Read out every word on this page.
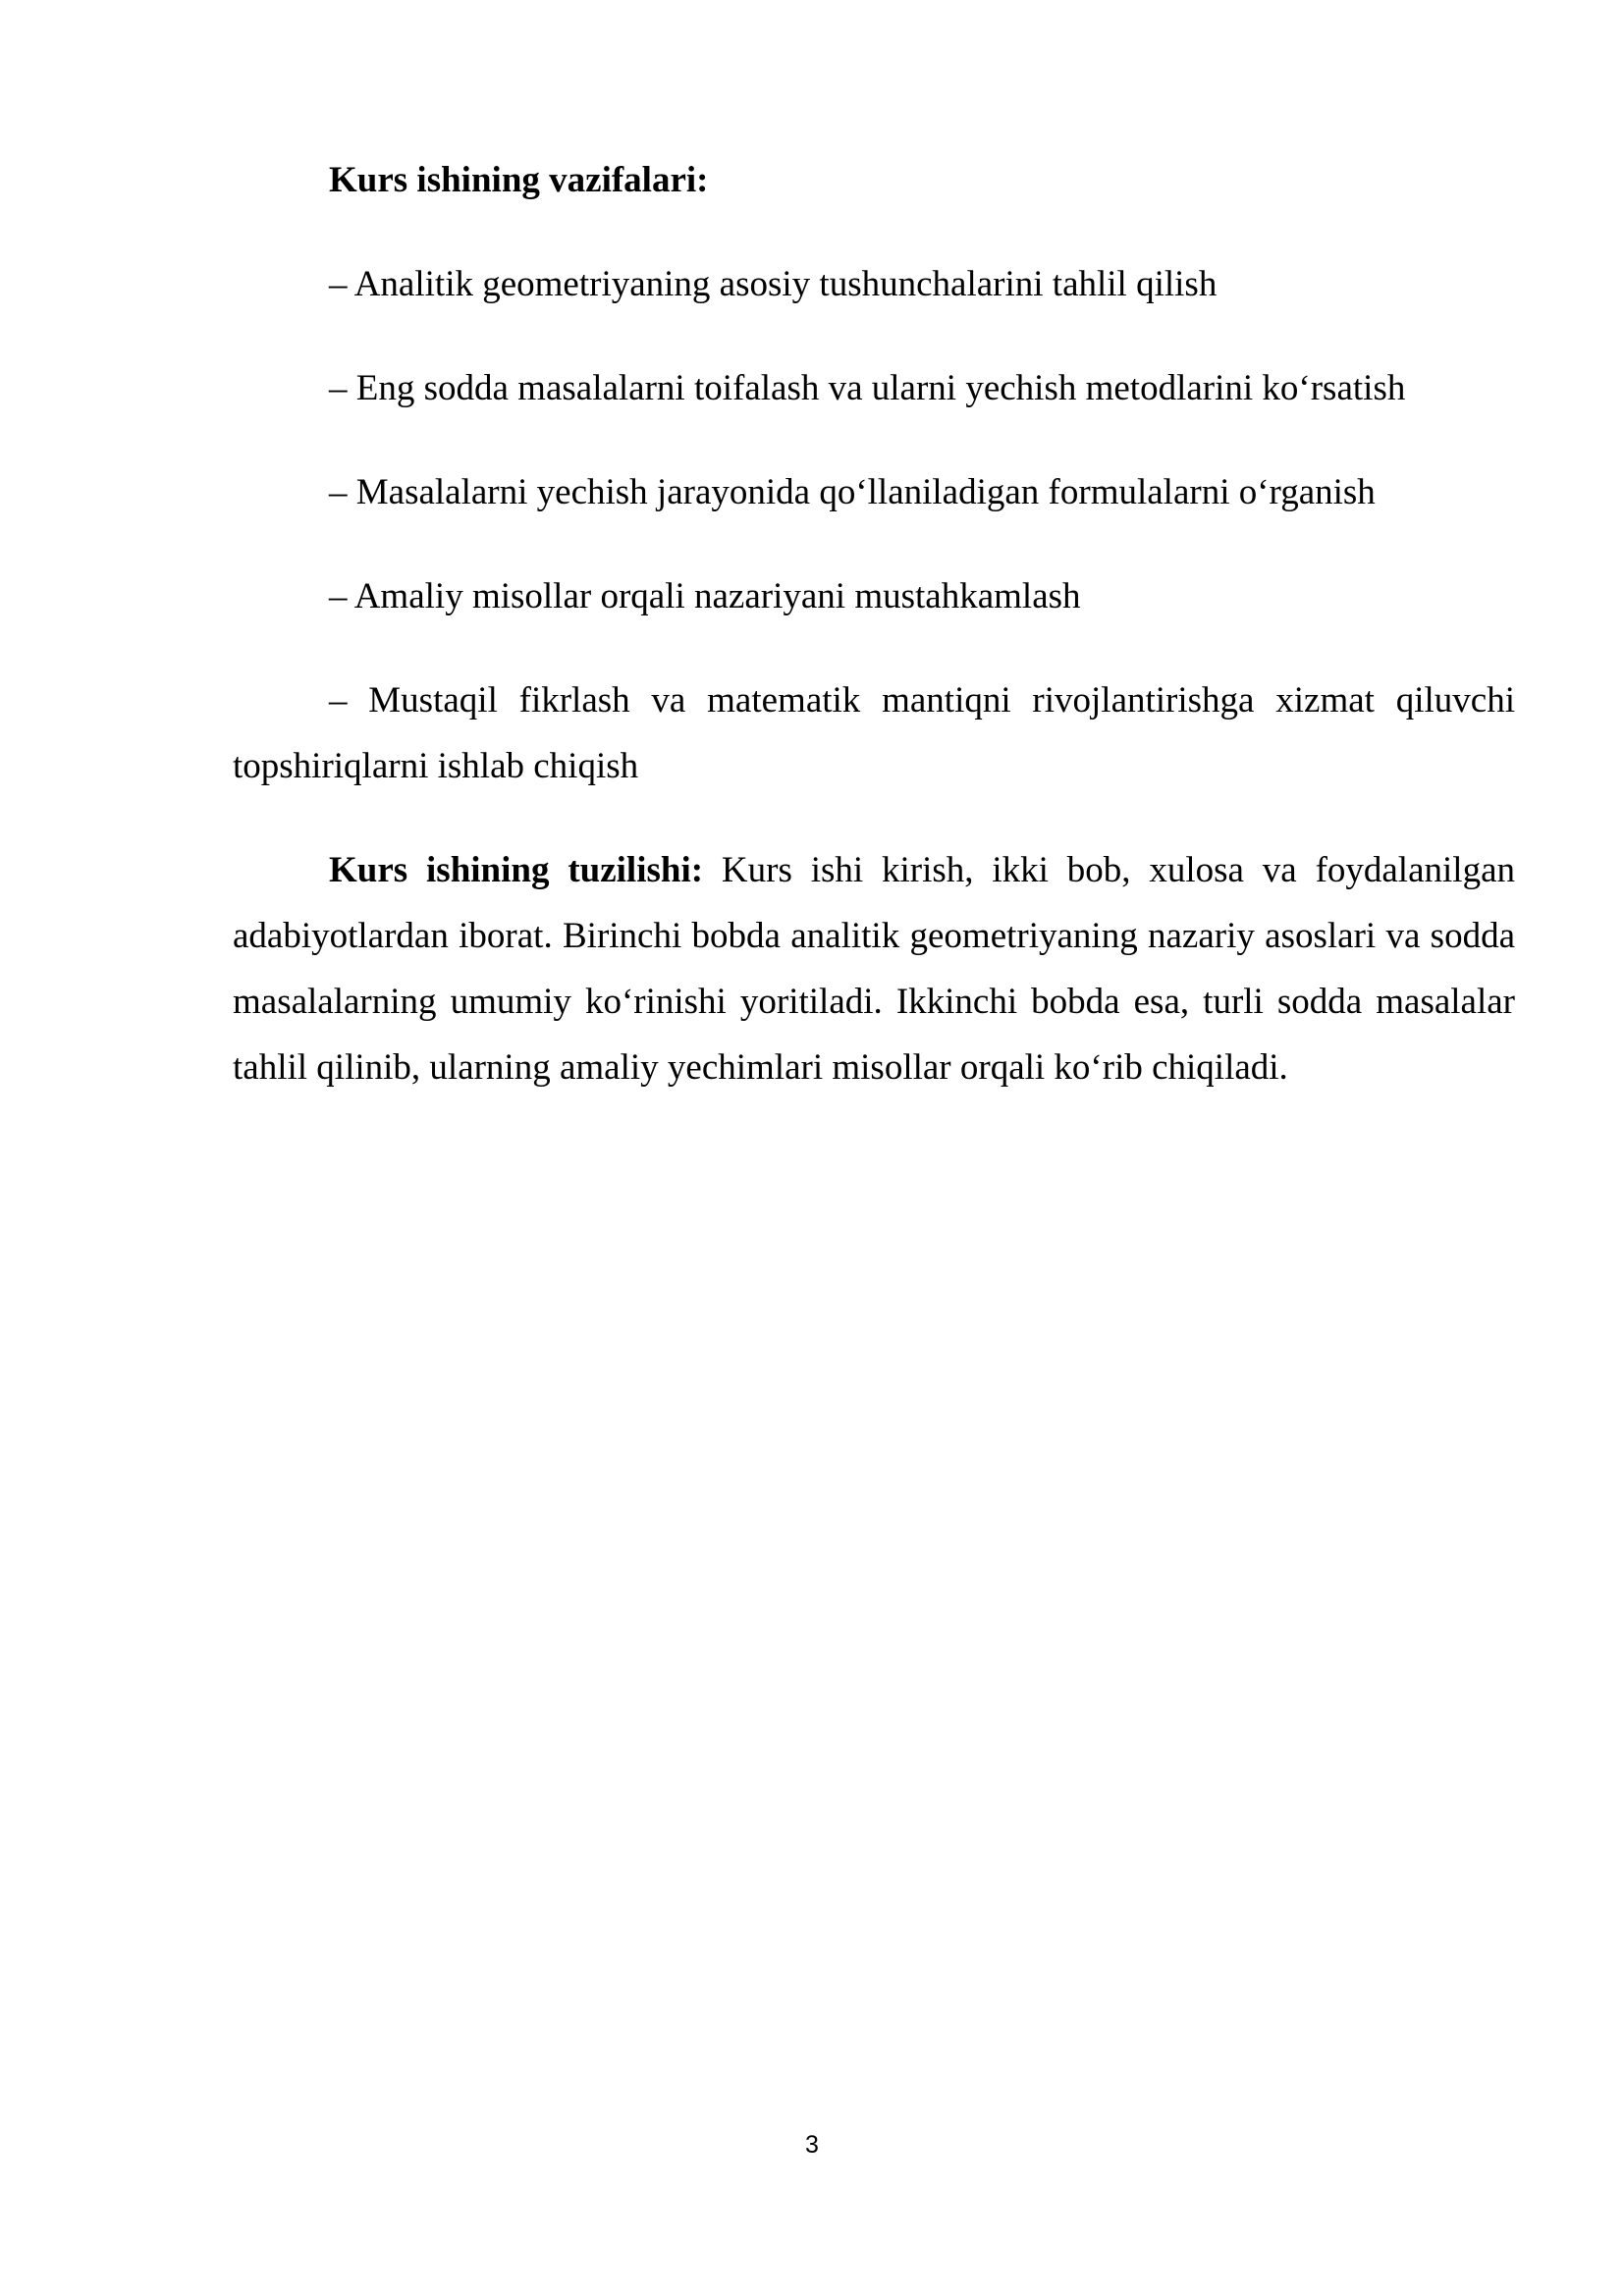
Kurs ishining vazifalari:

– Analitik geometriyaning asosiy tushunchalarini tahlil qilish

– Eng sodda masalalarni toifalash va ularni yechish metodlarini ko‘rsatish

– Masalalarni yechish jarayonida qo‘llaniladigan formulalarni o‘rganish

– Amaliy misollar orqali nazariyani mustahkamlash

– Mustaqil fikrlash va matematik mantiqni rivojlantirishga xizmat qiluvchi topshiriqlarni ishlab chiqish

Kurs ishining tuzilishi: Kurs ishi kirish, ikki bob, xulosa va foydalanilgan adabiyotlardan iborat. Birinchi bobda analitik geometriyaning nazariy asoslari va sodda masalalarning umumiy ko‘rinishi yoritiladi. Ikkinchi bobda esa, turli sodda masalalar tahlil qilinib, ularning amaliy yechimlari misollar orqali ko‘rib chiqiladi.

3
